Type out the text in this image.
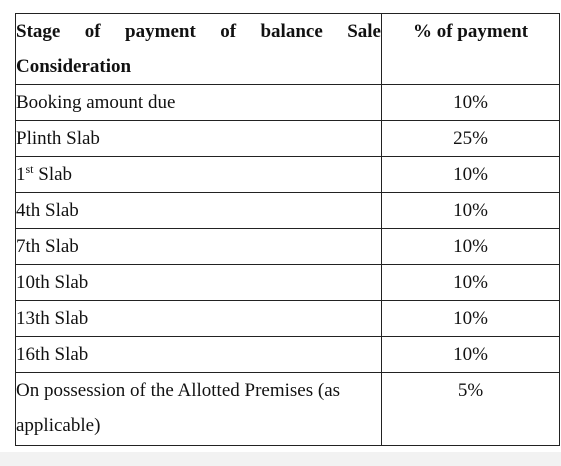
Stage of payment of balance Sale Consideration	% of payment
Booking amount due	10%
Plinth Slab	25%
1st Slab	10%
4th Slab	10%
7th Slab	10%
10th Slab	10%
13th Slab	10%
16th Slab	10%
On possession of the Allotted Premises (as applicable)	5%
